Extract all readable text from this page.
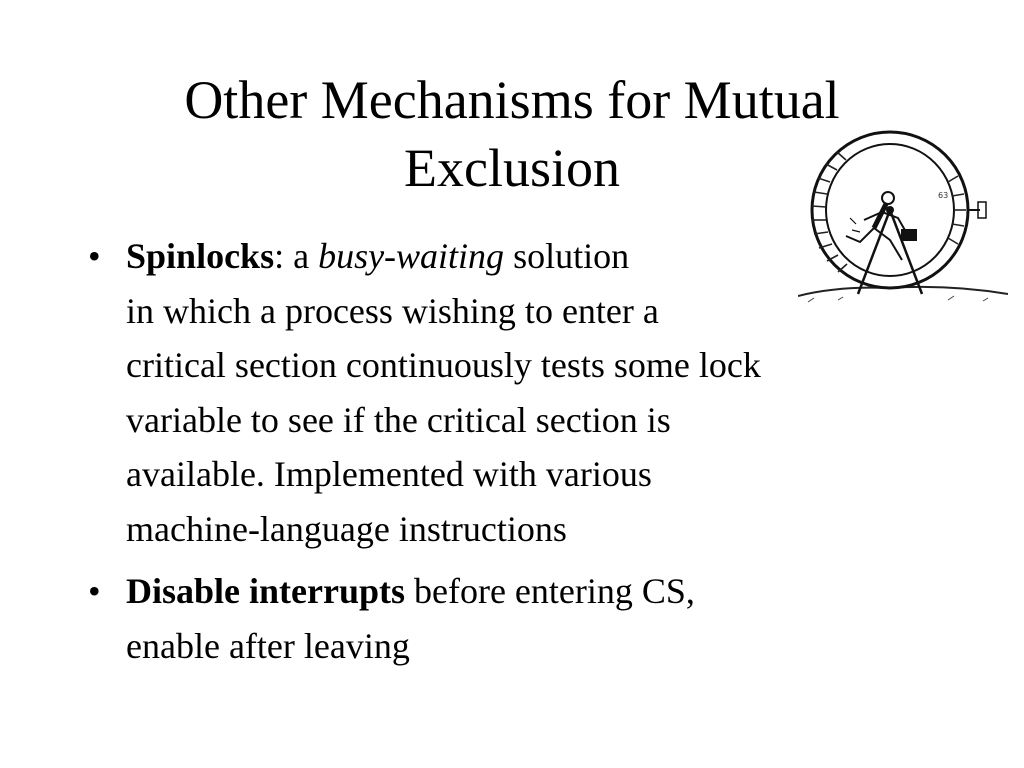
Other Mechanisms for Mutual
Exclusion	63
• Spinlocks: a busy-waiting solution
in which a process wishing to enter a
critical section continuously tests some lock
variable to see if the critical section is
available. Implemented with various
machine-language instructions
• Disable interrupts before entering CS,
enable after leaving
